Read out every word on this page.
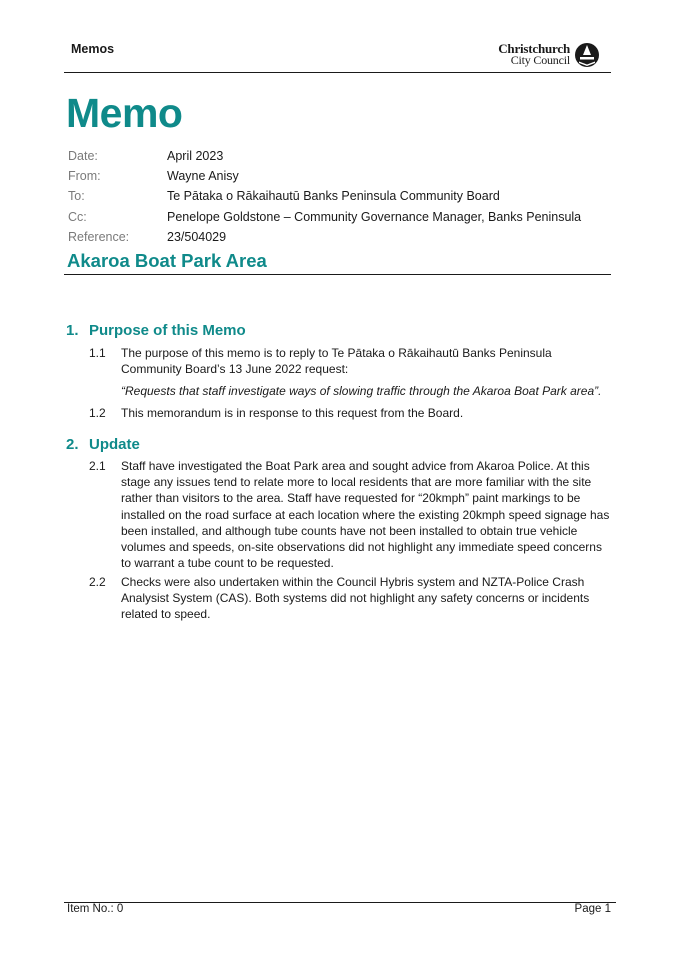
Memos	Christchurch
City Council
Memo
Date:	April 2023
From:	Wayne Anisy
To:	Te Pātaka o Rākaihautū Banks Peninsula Community Board
Cc:	Penelope Goldstone – Community Governance Manager, Banks Peninsula
Reference:	23/504029
Akaroa Boat Park Area
1. Purpose of this Memo
1.1	The purpose of this memo is to reply to Te Pātaka o Rākaihautū Banks Peninsula Community Board’s 13 June 2022 request:
“Requests that staff investigate ways of slowing traffic through the Akaroa Boat Park area”.
1.2	This memorandum is in response to this request from the Board.
2. Update
2.1	Staff have investigated the Boat Park area and sought advice from Akaroa Police. At this stage any issues tend to relate more to local residents that are more familiar with the site rather than visitors to the area. Staff have requested for “20kmph” paint markings to be installed on the road surface at each location where the existing 20kmph speed signage has been installed, and although tube counts have not been installed to obtain true vehicle volumes and speeds, on-site observations did not highlight any immediate speed concerns to warrant a tube count to be requested.
2.2	Checks were also undertaken within the Council Hybris system and NZTA-Police Crash Analysist System (CAS). Both systems did not highlight any safety concerns or incidents related to speed.
Item No.: 0	Page 1
